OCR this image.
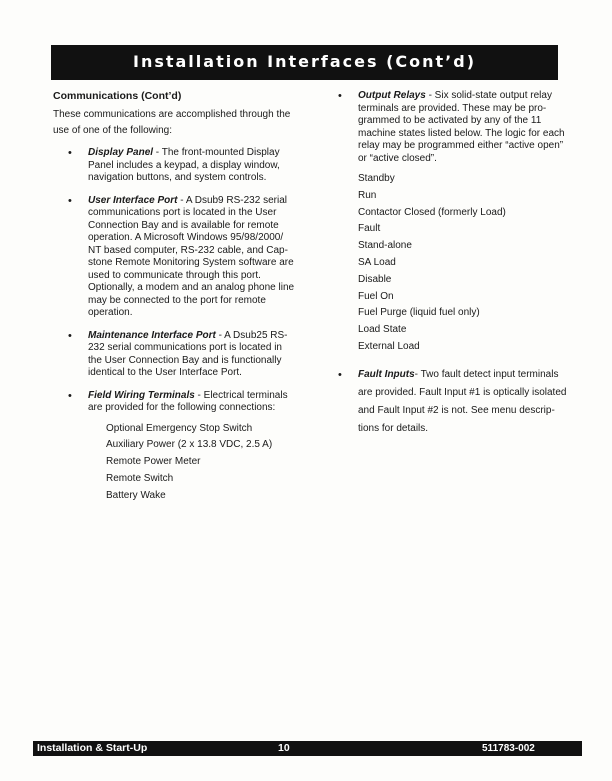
Installation Interfaces (Cont’d)
Communications (Cont’d)
These communications are accomplished through the use of one of the following:
• Display Panel - The front-mounted Display Panel includes a keypad, a display window, navigation buttons, and system controls.
• User Interface Port - A Dsub9 RS-232 serial communications port is located in the User Connection Bay and is available for remote operation. A Microsoft Windows 95/98/2000/ NT based computer, RS-232 cable, and Cap-stone Remote Monitoring System software are used to communicate through this port. Optionally, a modem and an analog phone line may be connected to the port for remote operation.
• Maintenance Interface Port - A Dsub25 RS-232 serial communications port is located in the User Connection Bay and is functionally identical to the User Interface Port.
• Field Wiring Terminals - Electrical terminals are provided for the following connections:
Optional Emergency Stop Switch
Auxiliary Power (2 x 13.8 VDC, 2.5 A)
Remote Power Meter
Remote Switch
Battery Wake
• Output Relays - Six solid-state output relay terminals are provided. These may be pro-grammed to be activated by any of the 11 machine states listed below. The logic for each relay may be programmed either “active open” or “active closed”.
Standby
Run
Contactor Closed (formerly Load)
Fault
Stand-alone
SA Load
Disable
Fuel On
Fuel Purge (liquid fuel only)
Load State
External Load
• Fault Inputs- Two fault detect input terminals are provided. Fault Input #1 is optically isolated and Fault Input #2 is not. See menu descrip-tions for details.
Installation & Start-Up	10	511783-002
